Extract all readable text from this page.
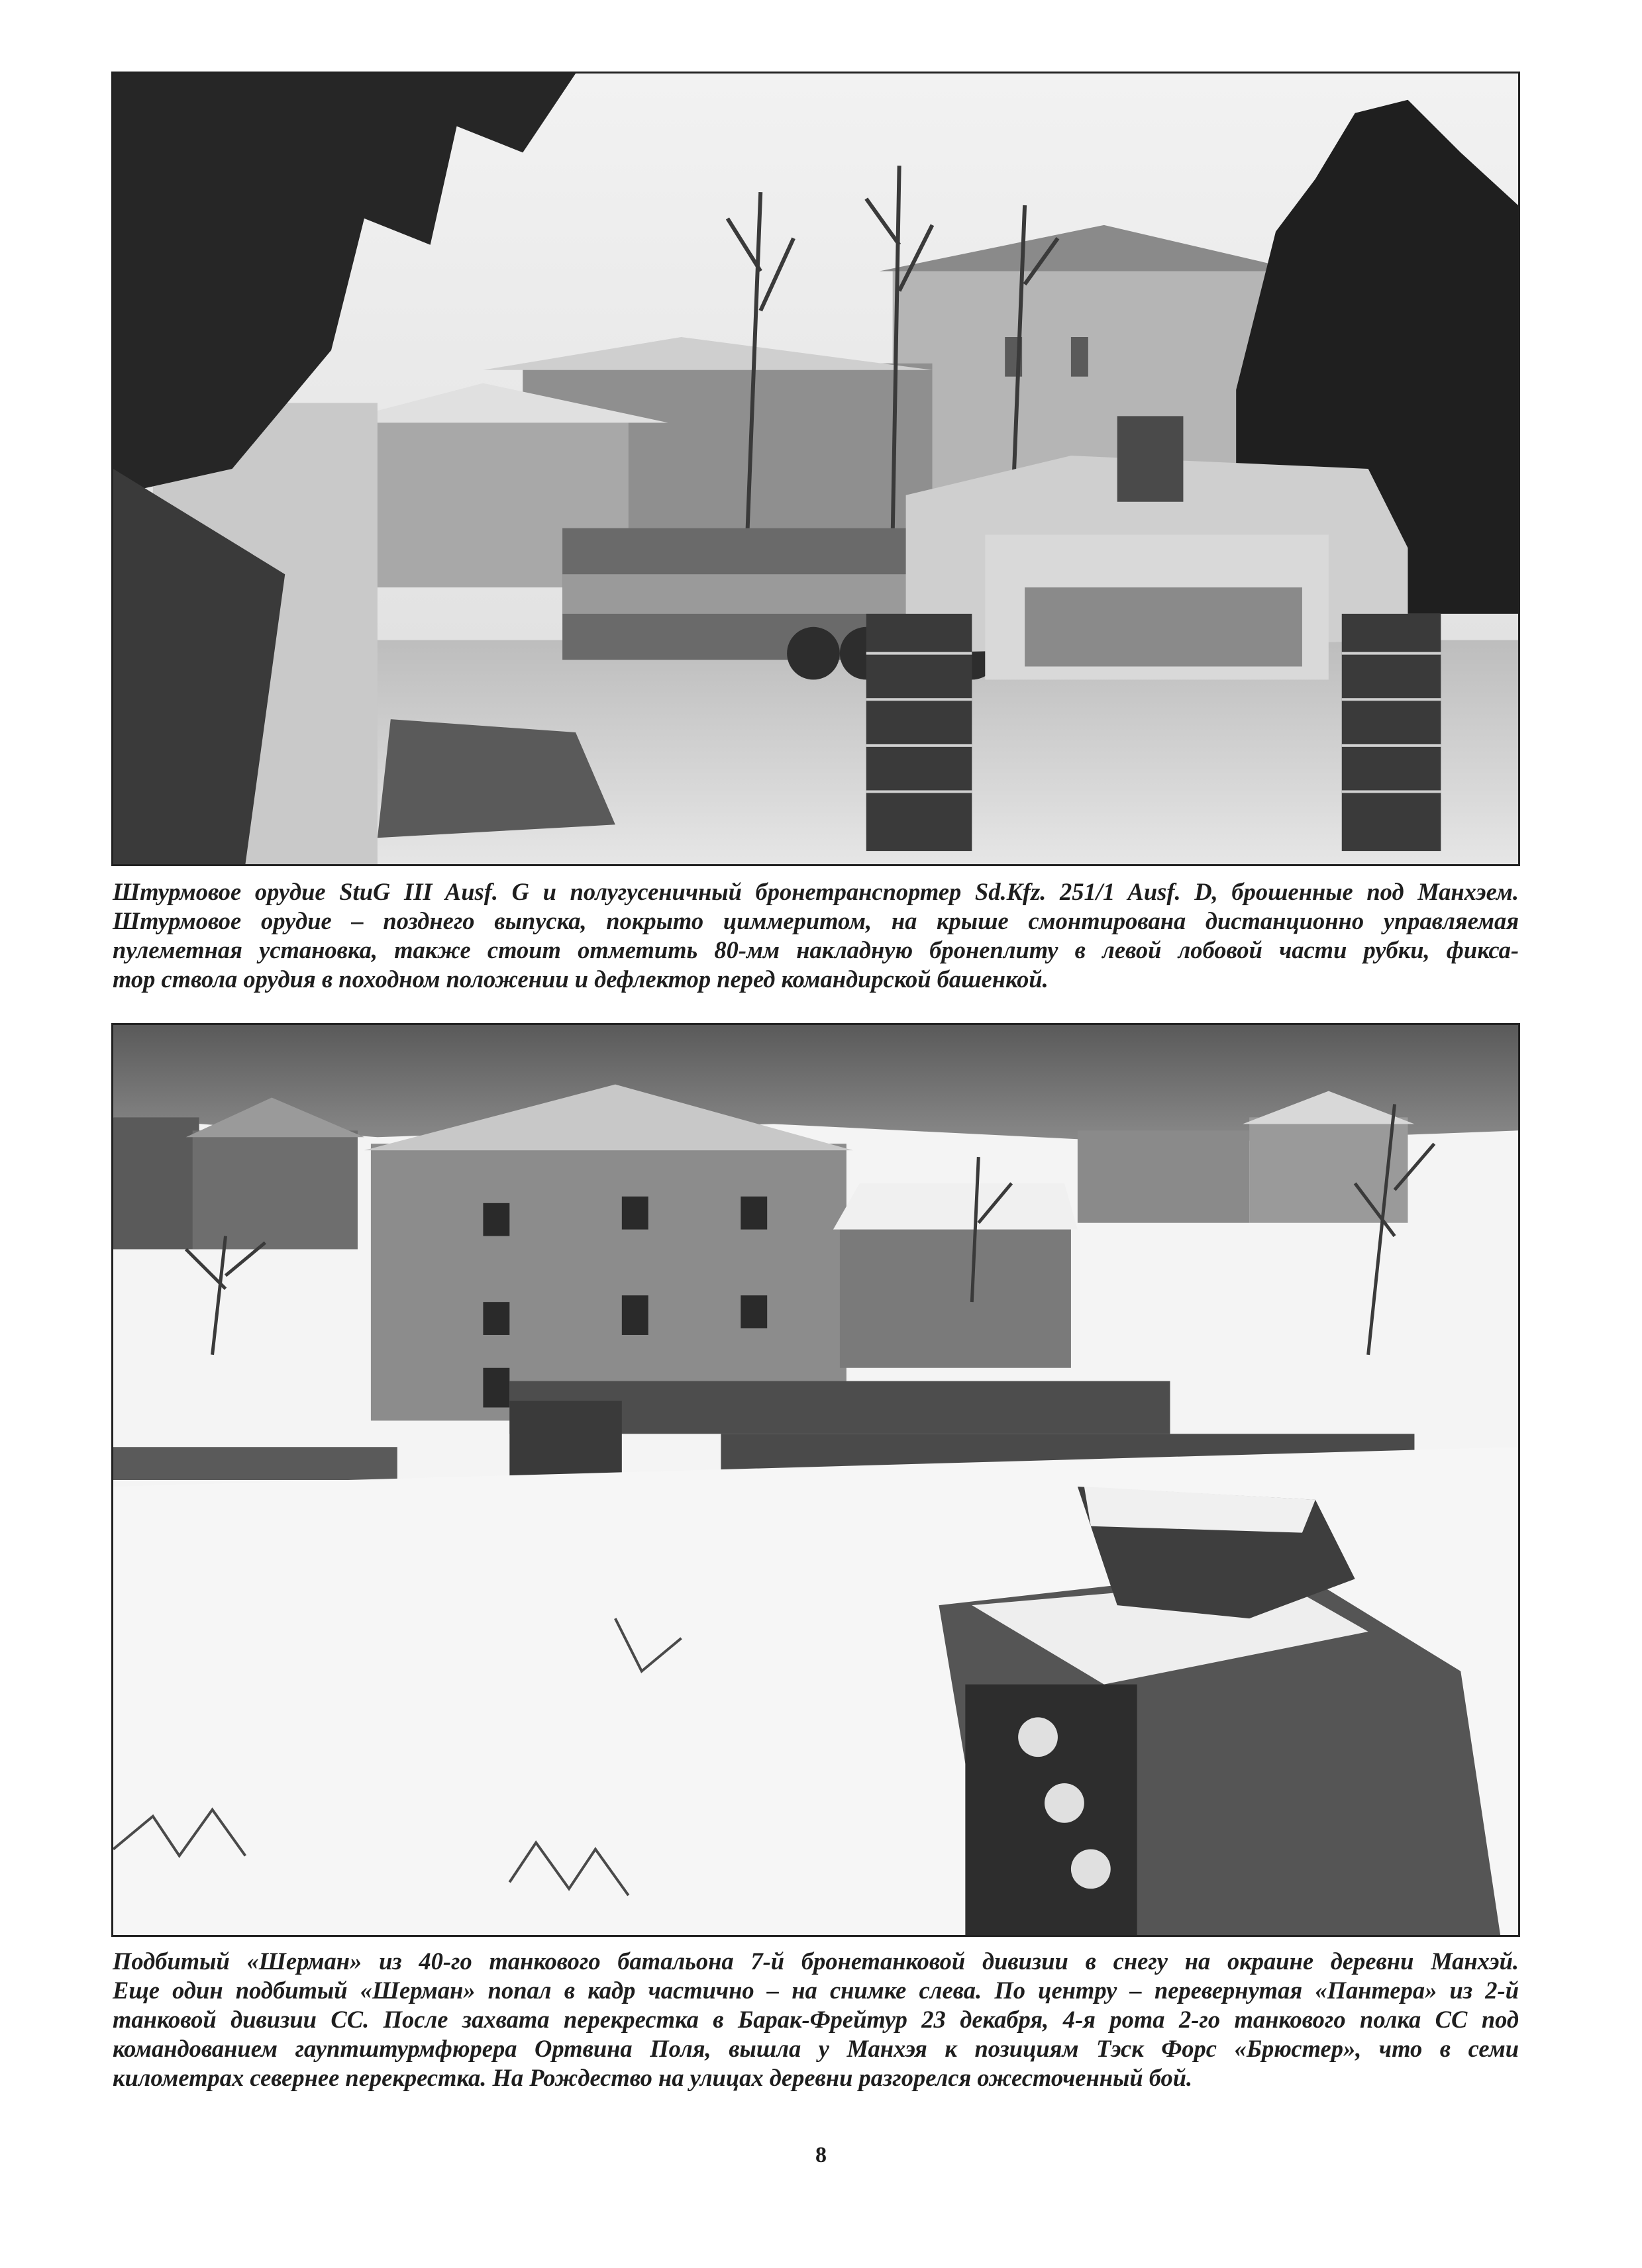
Штурмовое орудие StuG III Ausf. G и полугусеничный бронетранспортер Sd.Kfz. 251/1 Ausf. D, брошенные под Манхэем.
Штурмовое орудие – позднего выпуска, покрыто циммеритом, на крыше смонтирована дистанционно управляемая
пулеметная установка, также стоит отметить 80-мм накладную бронеплиту в левой лобовой части рубки, фикса-
тор ствола орудия в походном положении и дефлектор перед командирской башенкой.
Подбитый «Шерман» из 40-го танкового батальона 7-й бронетанковой дивизии в снегу на окраине деревни Манхэй.
Еще один подбитый «Шерман» попал в кадр частично – на снимке слева. По центру – перевернутая «Пантера» из 2-й
танковой дивизии СС. После захвата перекрестка в Барак-Фрейтур 23 декабря, 4-я рота 2-го танкового полка СС под
командованием гауптштурмфюрера Ортвина Поля, вышла у Манхэя к позициям Тэск Форс «Брюстер», что в семи
километрах севернее перекрестка. На Рождество на улицах деревни разгорелся ожесточенный бой.
8
